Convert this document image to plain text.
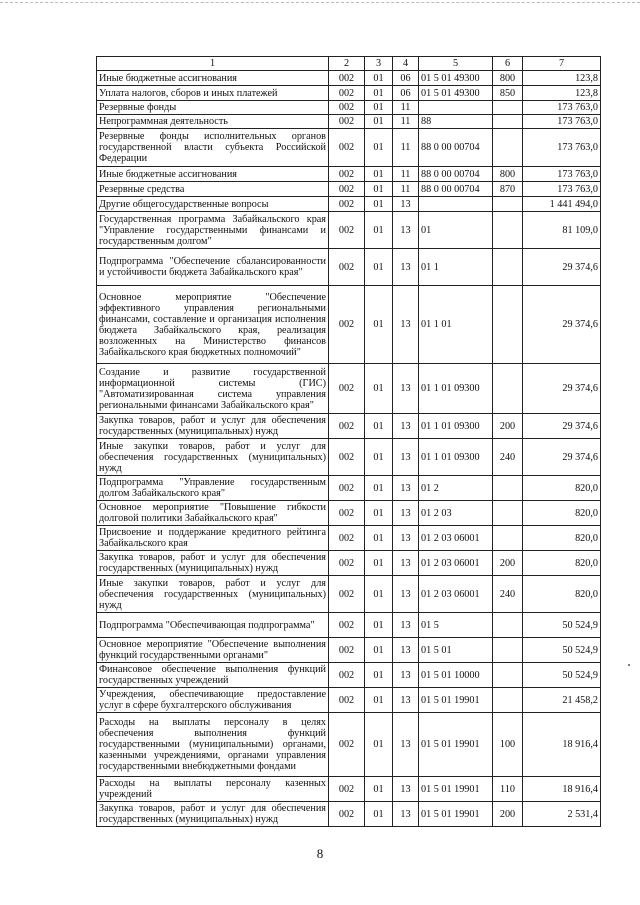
1	2	3	4	5	6	7
Иные бюджетные ассигнования	002	01	06	01 5 01 49300	800	123,8
Уплата налогов, сборов и иных платежей	002	01	06	01 5 01 49300	850	123,8
Резервные фонды	002	01	11			173 763,0
Непрограммная деятельность	002	01	11	88		173 763,0
Резервные фонды исполнительных органов государственной власти субъекта Российской Федерации	002	01	11	88 0 00 00704		173 763,0
Иные бюджетные ассигнования	002	01	11	88 0 00 00704	800	173 763,0
Резервные средства	002	01	11	88 0 00 00704	870	173 763,0
Другие общегосударственные вопросы	002	01	13			1 441 494,0
Государственная программа Забайкальского края "Управление государственными финансами и государственным долгом"	002	01	13	01		81 109,0
Подпрограмма "Обеспечение сбалансированности и устойчивости бюджета Забайкальского края"	002	01	13	01 1		29 374,6
Основное мероприятие "Обеспечение эффективного управления региональными финансами, составление и организация исполнения бюджета Забайкальского края, реализация возложенных на Министерство финансов Забайкальского края бюджетных полномочий"	002	01	13	01 1 01		29 374,6
Создание и развитие государственной информационной системы (ГИС) "Автоматизированная система управления региональными финансами Забайкальского края"	002	01	13	01 1 01 09300		29 374,6
Закупка товаров, работ и услуг для обеспечения государственных (муниципальных) нужд	002	01	13	01 1 01 09300	200	29 374,6
Иные закупки товаров, работ и услуг для обеспечения государственных (муниципальных) нужд	002	01	13	01 1 01 09300	240	29 374,6
Подпрограмма "Управление государственным долгом Забайкальского края"	002	01	13	01 2		820,0
Основное мероприятие "Повышение гибкости долговой политики Забайкальского края"	002	01	13	01 2 03		820,0
Присвоение и поддержание кредитного рейтинга Забайкальского края	002	01	13	01 2 03 06001		820,0
Закупка товаров, работ и услуг для обеспечения государственных (муниципальных) нужд	002	01	13	01 2 03 06001	200	820,0
Иные закупки товаров, работ и услуг для обеспечения государственных (муниципальных) нужд	002	01	13	01 2 03 06001	240	820,0
Подпрограмма "Обеспечивающая подпрограмма"	002	01	13	01 5		50 524,9
Основное мероприятие "Обеспечение выполнения функций государственными органами"	002	01	13	01 5 01		50 524,9
Финансовое обеспечение выполнения функций государственных учреждений	002	01	13	01 5 01 10000		50 524,9
Учреждения, обеспечивающие предоставление услуг в сфере бухгалтерского обслуживания	002	01	13	01 5 01 19901		21 458,2
Расходы на выплаты персоналу в целях обеспечения выполнения функций государственными (муниципальными) органами, казенными учреждениями, органами управления государственными внебюджетными фондами	002	01	13	01 5 01 19901	100	18 916,4
Расходы на выплаты персоналу казенных учреждений	002	01	13	01 5 01 19901	110	18 916,4
Закупка товаров, работ и услуг для обеспечения государственных (муниципальных) нужд	002	01	13	01 5 01 19901	200	2 531,4
8
